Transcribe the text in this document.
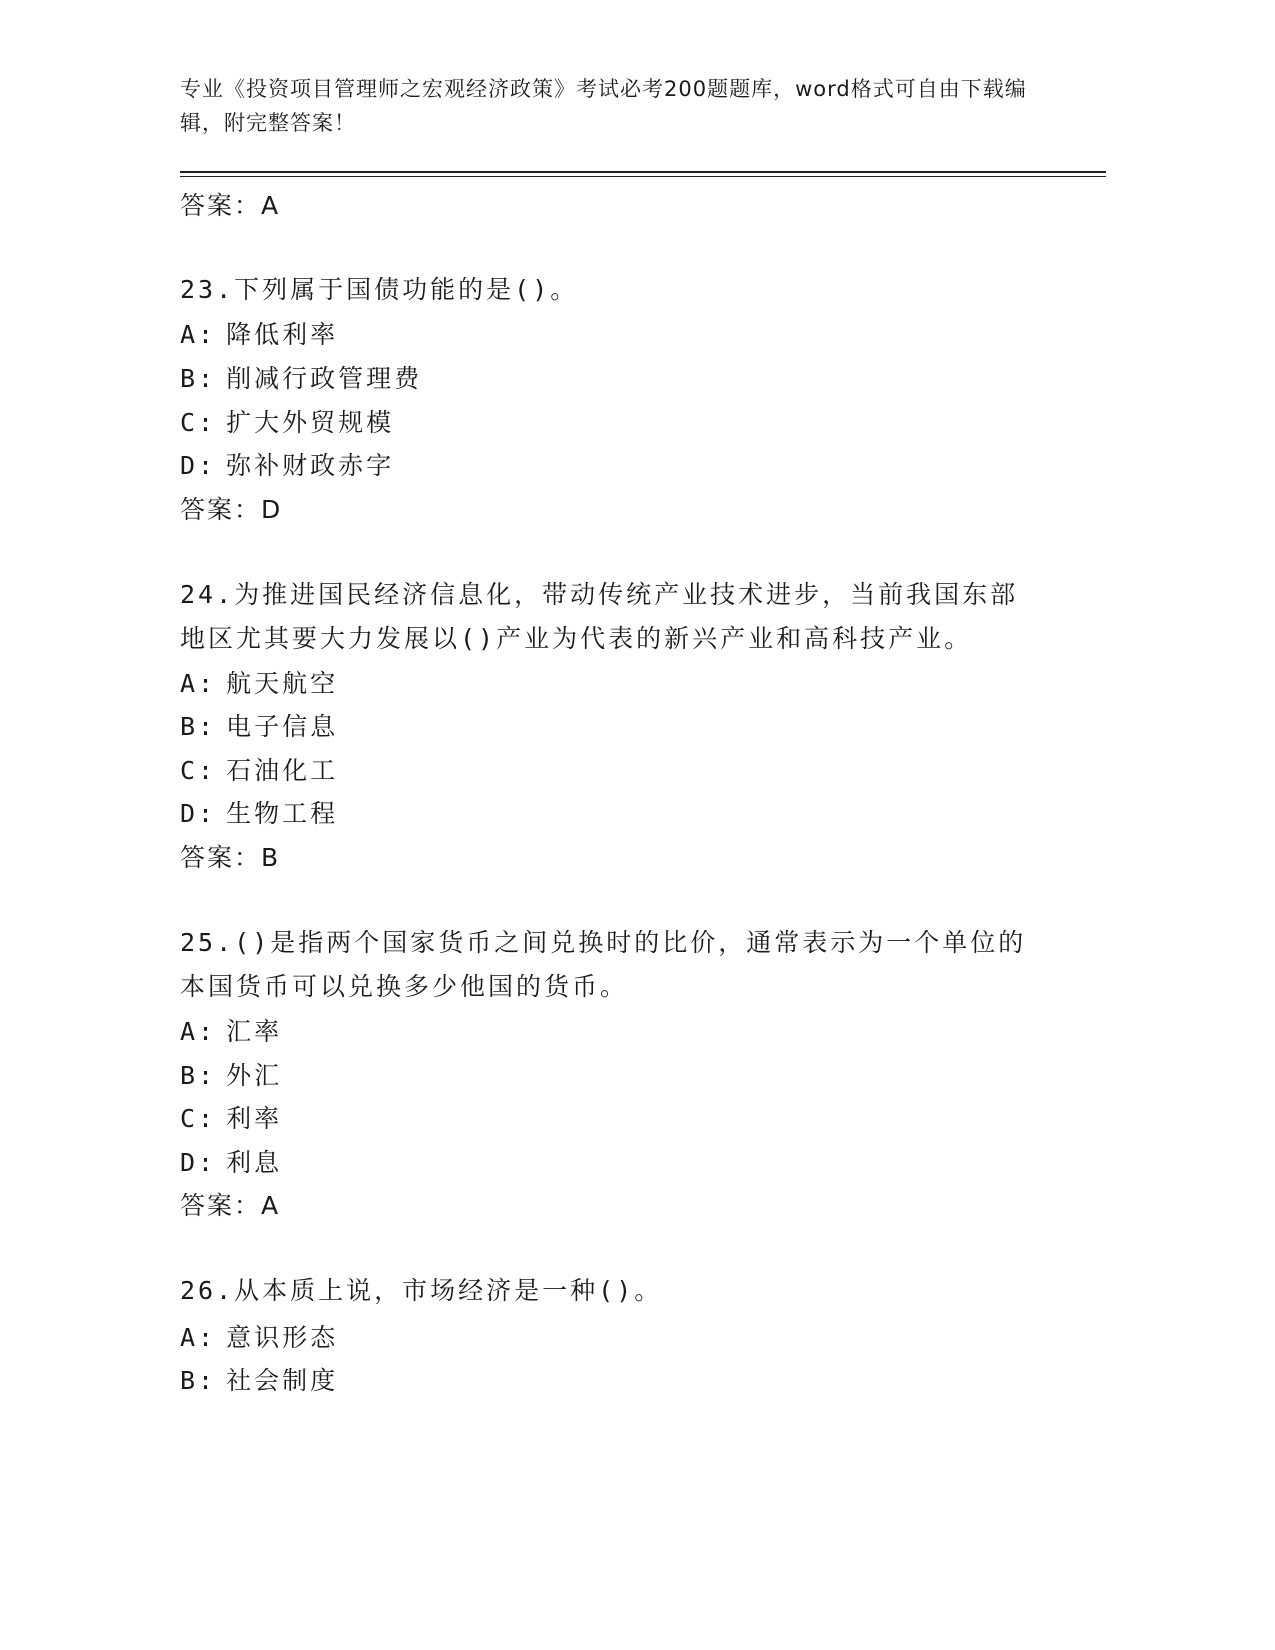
专业《投资项目管理师之宏观经济政策》考试必考200题题库，word格式可自由下载编辑，附完整答案！
答案：A
23.下列属于国债功能的是()。
A: 降低利率
B: 削减行政管理费
C: 扩大外贸规模
D: 弥补财政赤字
答案：D
24.为推进国民经济信息化，带动传统产业技术进步，当前我国东部地区尤其要大力发展以()产业为代表的新兴产业和高科技产业。
A: 航天航空
B: 电子信息
C: 石油化工
D: 生物工程
答案：B
25.()是指两个国家货币之间兑换时的比价，通常表示为一个单位的本国货币可以兑换多少他国的货币。
A: 汇率
B: 外汇
C: 利率
D: 利息
答案：A
26.从本质上说，市场经济是一种()。
A: 意识形态
B: 社会制度
